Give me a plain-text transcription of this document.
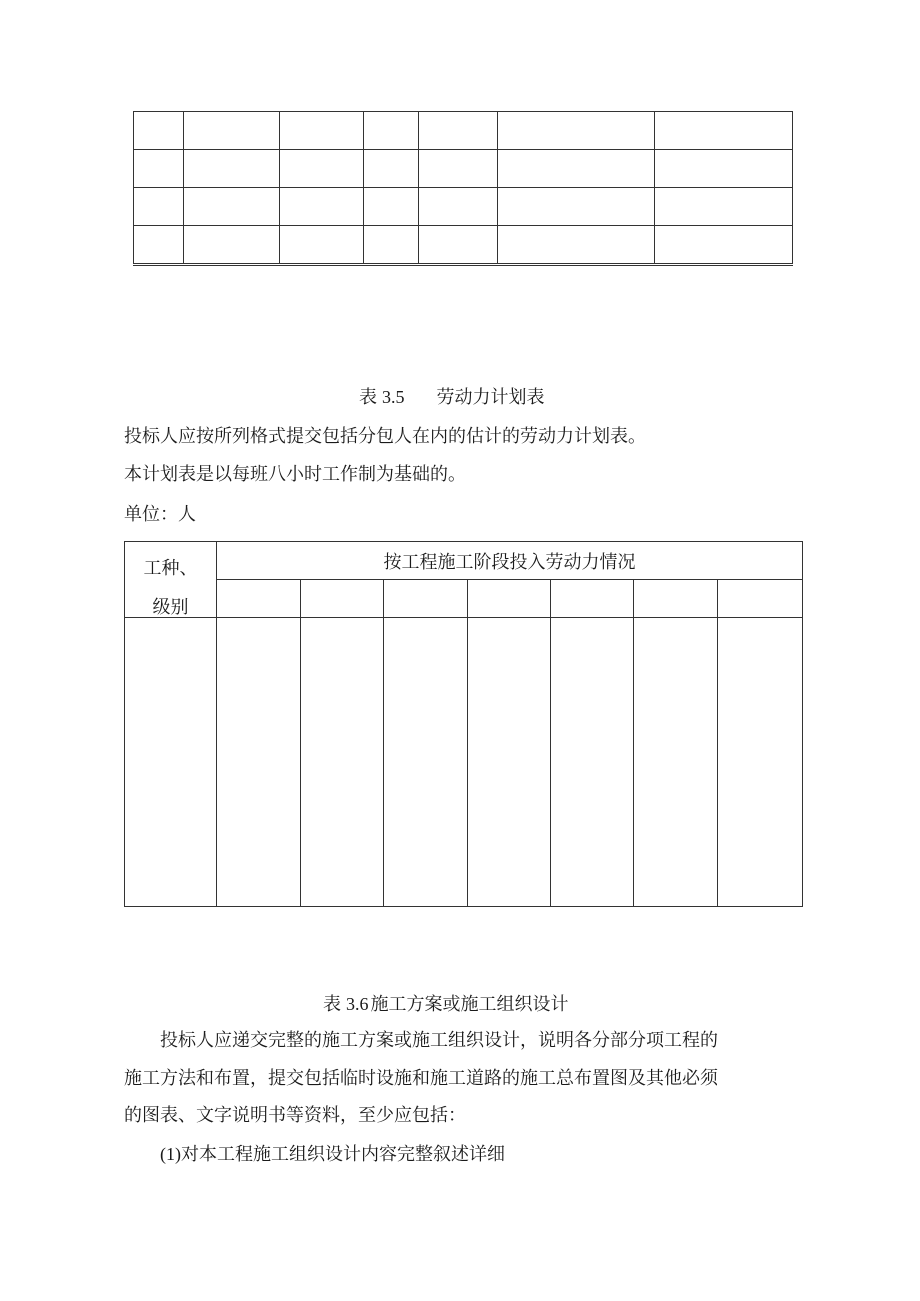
表 3.5 劳动力计划表
投标人应按所列格式提交包括分包人在内的估计的劳动力计划表。
本计划表是以每班八小时工作制为基础的。
单位：人
工种、
级别	按工程施工阶段投入劳动力情况						

表 3.6 施工方案或施工组织设计
投标人应递交完整的施工方案或施工组织设计，说明各分部分项工程的
施工方法和布置，提交包括临时设施和施工道路的施工总布置图及其他必须
的图表、文字说明书等资料，至少应包括：
(1)对本工程施工组织设计内容完整叙述详细
